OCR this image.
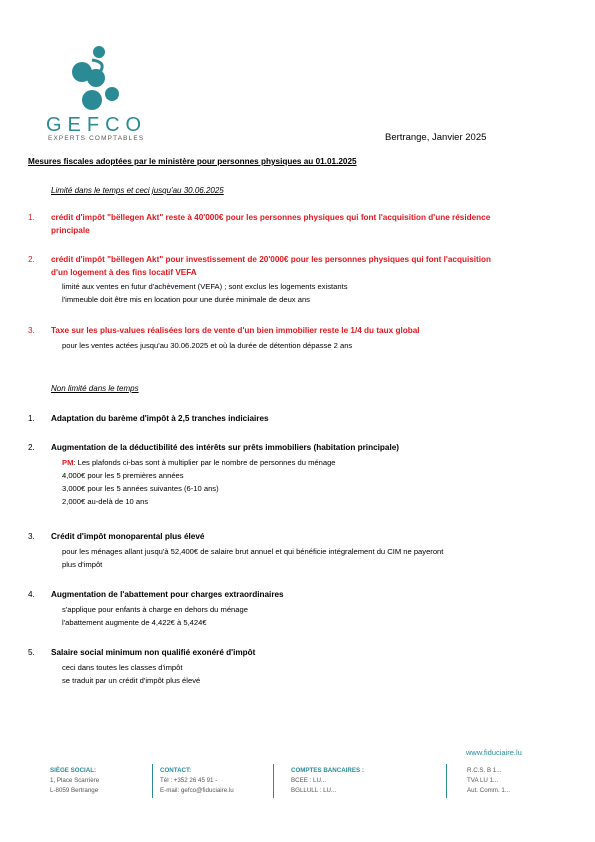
GEFCO
EXPERTS COMPTABLES	Bertrange, Janvier 2025
Mesures fiscales adoptées par le ministère pour personnes physiques au 01.01.2025
Limité dans le temps et ceci jusqu'au 30.06.2025
1. crédit d'impôt "bëllegen Akt" reste à 40'000€ pour les personnes physiques qui font l'acquisition d'une résidence
principale
2. crédit d'impôt "bëllegen Akt" pour investissement de 20'000€ pour les personnes physiques qui font l'acquisition
d'un logement à des fins locatif VEFA
limité aux ventes en futur d'achèvement (VEFA) ; sont exclus les logements existants
l'immeuble doit être mis en location pour une durée minimale de deux ans
3. Taxe sur les plus-values réalisées lors de vente d'un bien immobilier reste le 1/4 du taux global
pour les ventes actées jusqu'au 30.06.2025 et où la durée de détention dépasse 2 ans
Non limité dans le temps
1. Adaptation du barème d'impôt à 2,5 tranches indiciaires
2. Augmentation de la déductibilité des intérêts sur prêts immobiliers (habitation principale)
PM: Les plafonds ci-bas sont à multiplier par le nombre de personnes du ménage
4,000€ pour les 5 premières années
3,000€ pour les 5 années suivantes (6-10 ans)
2,000€ au-delà de 10 ans
3. Crédit d'impôt monoparental plus élevé
pour les ménages allant jusqu'à 52,400€ de salaire brut annuel et qui bénéficie intégralement du CIM ne payeront
plus d'impôt
4. Augmentation de l'abattement pour charges extraordinaires
s'applique pour enfants à charge en dehors du ménage
l'abattement augmente de 4,422€ à 5,424€
5. Salaire social minimum non qualifié exonéré d'impôt
ceci dans toutes les classes d'impôt
se traduit par un crédit d'impôt plus élevé
www.fiduciaire.lu
SIÈGE SOCIAL:
1, Place Scarrière
L-8059 Bertrange
CONTACT:
Tél : +352 26 45 91 -
E-mail: gefco@fiduciaire.lu
COMPTES BANCAIRES :
BCEE : LU...
BGLLULL : LU...
R.C.S. B 1...
TVA LU 1...
Aut. Comm. 1...
